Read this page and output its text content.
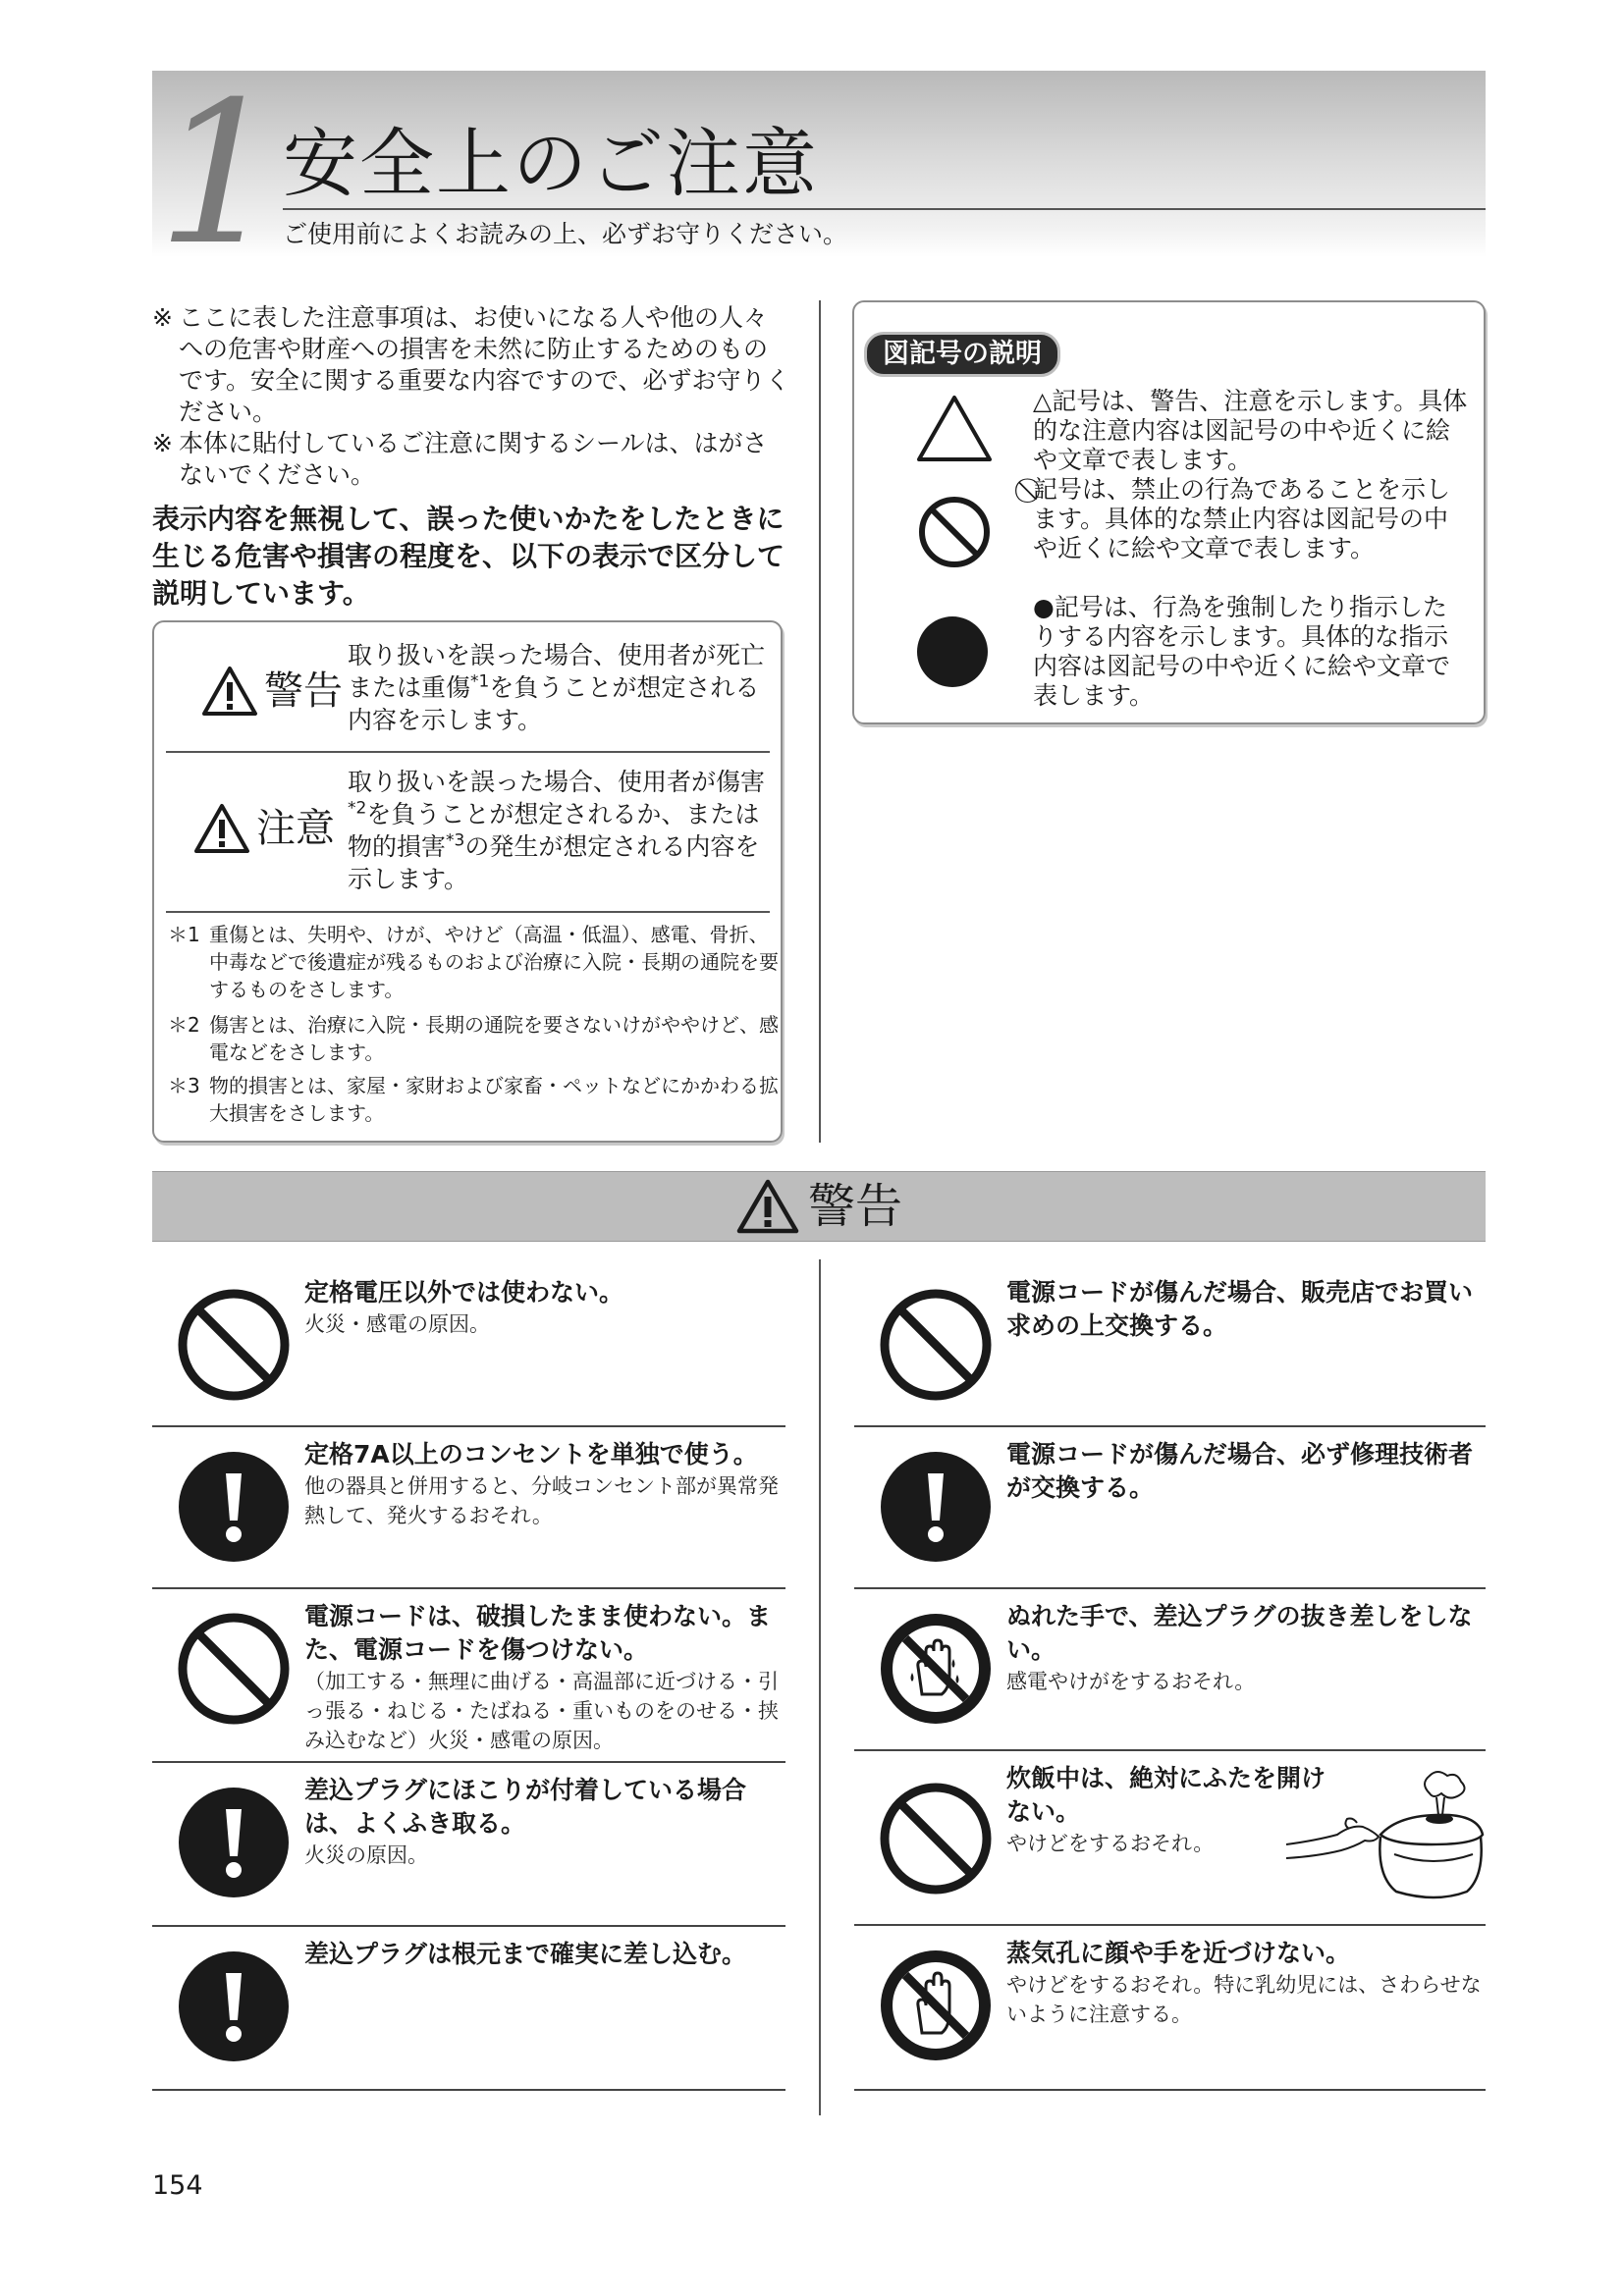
1 安全上のご注意
ご使用前によくお読みの上、必ずお守りください。
※ ここに表した注意事項は、お使いになる人や他の人々への危害や財産への損害を未然に防止するためのものです。安全に関する重要な内容ですので、必ずお守りください。
※ 本体に貼付しているご注意に関するシールは、はがさないでください。
表示内容を無視して、誤った使いかたをしたときに生じる危害や損害の程度を、以下の表示で区分して説明しています。
警告
取り扱いを誤った場合、使用者が死亡または重傷$^{*1}$を負うことが想定される内容を示します。
注意
取り扱いを誤った場合、使用者が傷害$^{*2}$を負うことが想定されるか、または物的損害$^{*3}$の発生が想定される内容を示します。
＊1 重傷とは、失明や、けが、やけど（高温・低温）、感電、骨折、中毒などで後遺症が残るものおよび治療に入院・長期の通院を要するものをさします。
＊2 傷害とは、治療に入院・長期の通院を要さないけがややけど、感電などをさします。
＊3 物的損害とは、家屋・家財および家畜・ペットなどにかかわる拡大損害をさします。
図記号の説明
△記号は、警告、注意を示します。具体的な注意内容は図記号の中や近くに絵や文章で表します。
⃠記号は、禁止の行為であることを示します。具体的な禁止内容は図記号の中や近くに絵や文章で表します。
●記号は、行為を強制したり指示したりする内容を示します。具体的な指示内容は図記号の中や近くに絵や文章で表します。
警告
定格電圧以外では使わない。
火災・感電の原因。
定格7A以上のコンセントを単独で使う。
他の器具と併用すると、分岐コンセント部が異常発熱して、発火するおそれ。
電源コードは、破損したまま使わない。また、電源コードを傷つけない。
（加工する・無理に曲げる・高温部に近づける・引っ張る・ねじる・たばねる・重いものをのせる・挟み込むなど）火災・感電の原因。
差込プラグにほこりが付着している場合は、よくふき取る。
火災の原因。
差込プラグは根元まで確実に差し込む。
電源コードが傷んだ場合、販売店でお買い求めの上交換する。
電源コードが傷んだ場合、必ず修理技術者が交換する。
ぬれた手で、差込プラグの抜き差しをしない。
感電やけがをするおそれ。
炊飯中は、絶対にふたを開けない。
やけどをするおそれ。
蒸気孔に顔や手を近づけない。
やけどをするおそれ。特に乳幼児には、さわらせないように注意する。
154
